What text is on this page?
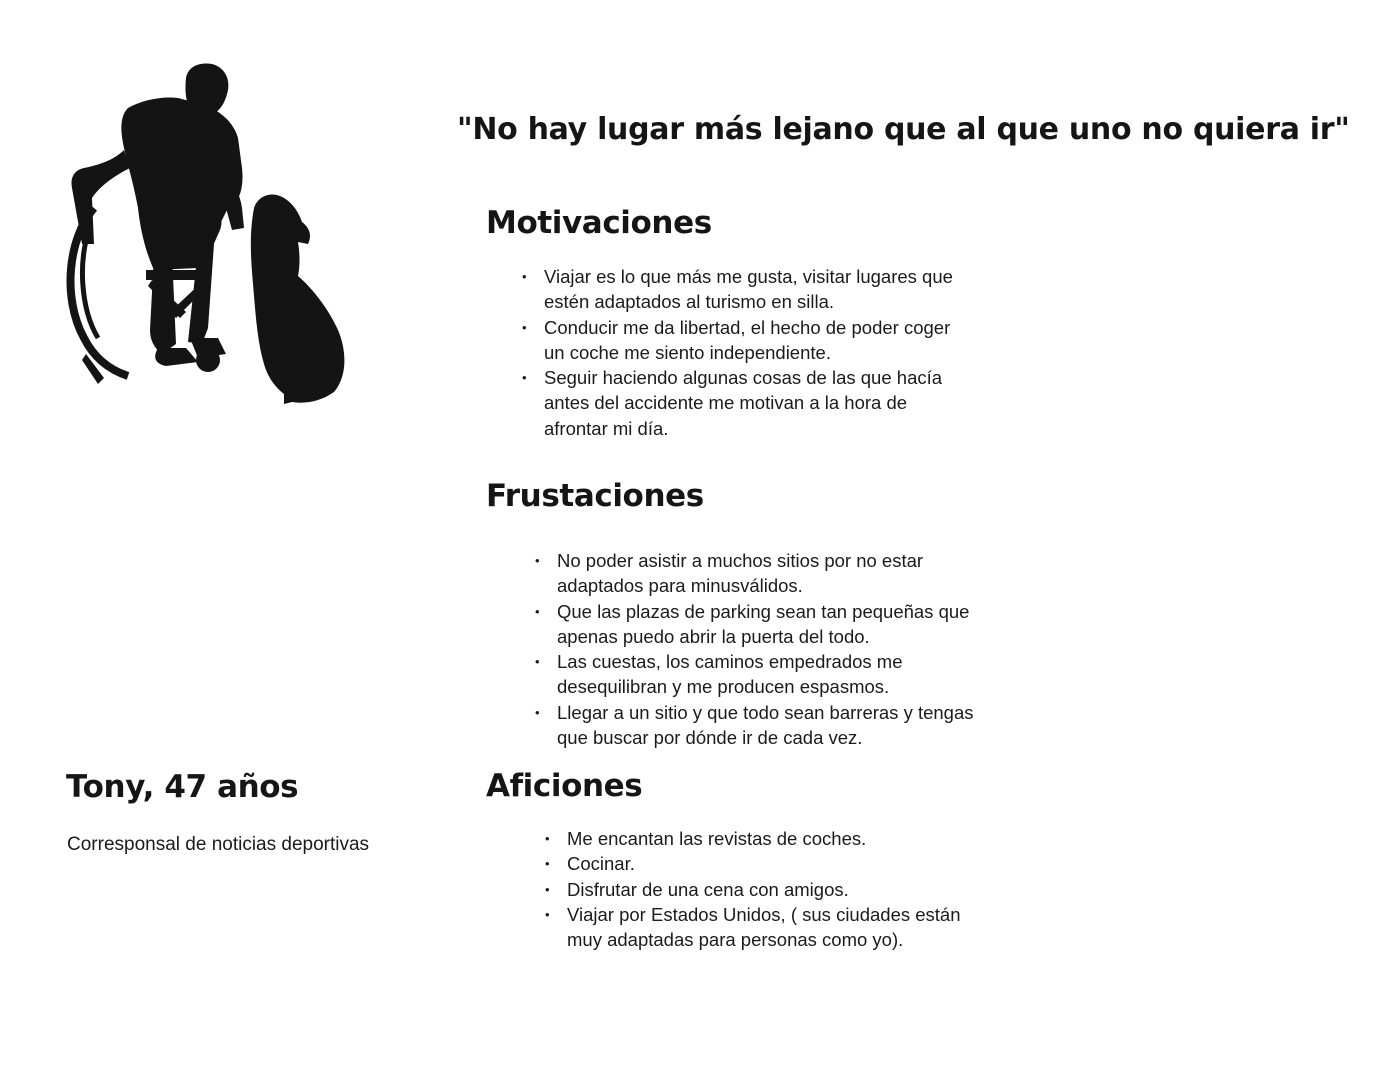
"No hay lugar más lejano que al que uno no quiera ir"
Motivaciones
• Viajar es lo que más me gusta, visitar lugares que estén adaptados al turismo en silla.
• Conducir me da libertad, el hecho de poder coger un coche me siento independiente.
• Seguir haciendo algunas cosas de las que hacía antes del accidente me motivan a la hora de afrontar mi día.
Frustaciones
• No poder asistir a muchos sitios por no estar adaptados para minusválidos.
• Que las plazas de parking sean tan pequeñas que apenas puedo abrir la puerta del todo.
• Las cuestas, los caminos empedrados me desequilibran y me producen espasmos.
• Llegar a un sitio y que todo sean barreras y tengas que buscar por dónde ir de cada vez.
Tony, 47 años

Corresponsal de noticias deportivas

Aficiones
• Me encantan las revistas de coches.
• Cocinar.
• Disfrutar de una cena con amigos.
• Viajar por Estados Unidos, ( sus ciudades están muy adaptadas para personas como yo).
